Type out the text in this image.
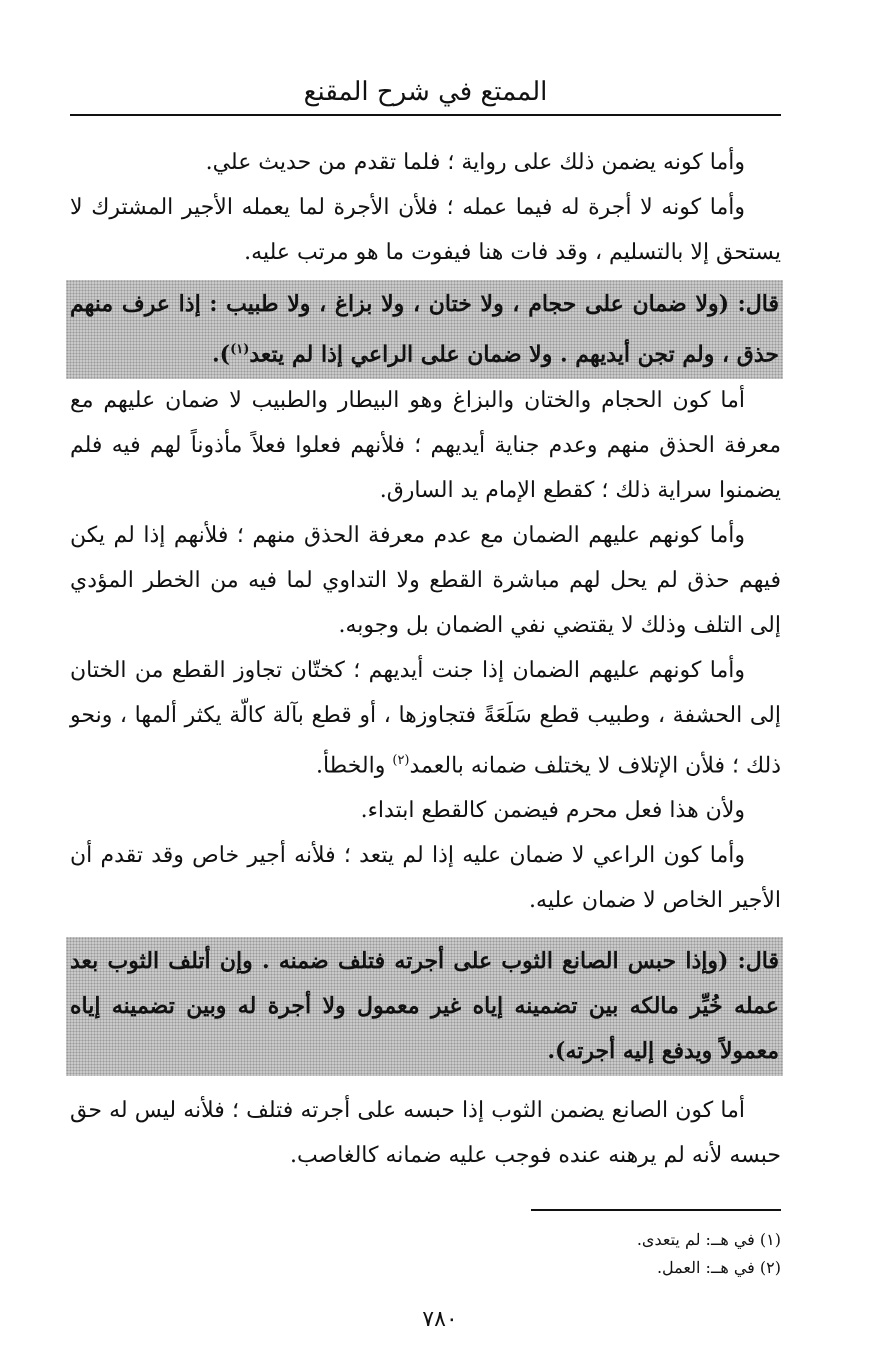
الممتع في شرح المقنع

وأما كونه يضمن ذلك على رواية ؛ فلما تقدم من حديث علي.

وأما كونه لا أجرة له فيما عمله ؛ فلأن الأجرة لما يعمله الأجير المشترك لا يستحق إلا بالتسليم ، وقد فات هنا فيفوت ما هو مرتب عليه.

قال: (ولا ضمان على حجام ، ولا ختان ، ولا بزاغ ، ولا طبيب : إذا عرف منهم حذق ، ولم تجن أيديهم . ولا ضمان على الراعي إذا لم يتعد$^{(١)}$).

أما كون الحجام والختان والبزاغ وهو البيطار والطبيب لا ضمان عليهم مع معرفة الحذق منهم وعدم جناية أيديهم ؛ فلأنهم فعلوا فعلاً مأذوناً لهم فيه فلم يضمنوا سراية ذلك ؛ كقطع الإمام يد السارق.

وأما كونهم عليهم الضمان مع عدم معرفة الحذق منهم ؛ فلأنهم إذا لم يكن فيهم حذق لم يحل لهم مباشرة القطع ولا التداوي لما فيه من الخطر المؤدي إلى التلف وذلك لا يقتضي نفي الضمان بل وجوبه.

وأما كونهم عليهم الضمان إذا جنت أيديهم ؛ كختّان تجاوز القطع من الختان إلى الحشفة ، وطبيب قطع سَلَعَةً فتجاوزها ، أو قطع بآلة كالّة يكثر ألمها ، ونحو ذلك ؛ فلأن الإتلاف لا يختلف ضمانه بالعمد$^{(٢)}$ والخطأ.

ولأن هذا فعل محرم فيضمن كالقطع ابتداء.

وأما كون الراعي لا ضمان عليه إذا لم يتعد ؛ فلأنه أجير خاص وقد تقدم أن الأجير الخاص لا ضمان عليه.

قال: (وإذا حبس الصانع الثوب على أجرته فتلف ضمنه . وإن أتلف الثوب بعد عمله خُيِّر مالكه بين تضمينه إياه غير معمول ولا أجرة له وبين تضمينه إياه معمولاً ويدفع إليه أجرته).

أما كون الصانع يضمن الثوب إذا حبسه على أجرته فتلف ؛ فلأنه ليس له حق حبسه لأنه لم يرهنه عنده فوجب عليه ضمانه كالغاصب.

(١) في هــ: لم يتعدى.
(٢) في هــ: العمل.
٧٨٠
